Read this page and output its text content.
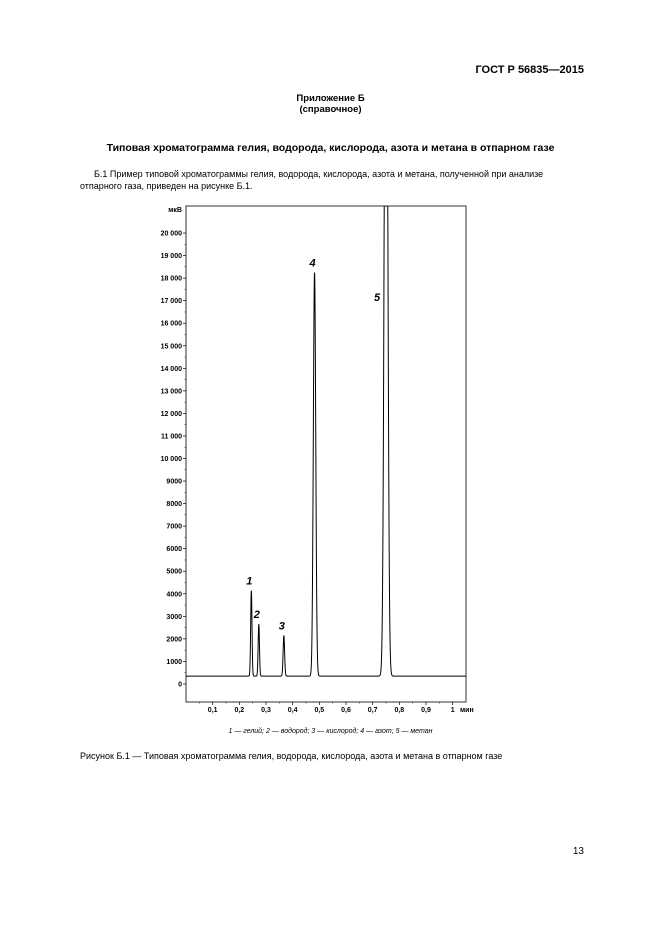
ГОСТ Р 56835—2015
Приложение Б
(справочное)
Типовая хроматограмма гелия, водорода, кислорода, азота и метана в отпарном газе
Б.1 Пример типовой хроматограммы гелия, водорода, кислорода, азота и метана, полученной при анализе отпарного газа, приведен на рисунке Б.1.
0
1000
2000
3000
4000
5000
6000
7000
8000
9000
10 000
11 000
12 000
13 000
14 000
15 000
16 000
17 000
18 000
19 000
20 000
мкВ
0,1 0,2 0,3 0,4 0,5 0,6 0,7 0,8 0,9	1 мин
1
2
3
4
5
1 — гелий; 2 — водород; 3 — кислород; 4 — азот; 5 — метан
Рисунок Б.1 — Типовая хроматограмма гелия, водорода, кислорода, азота и метана в отпарном газе
13
